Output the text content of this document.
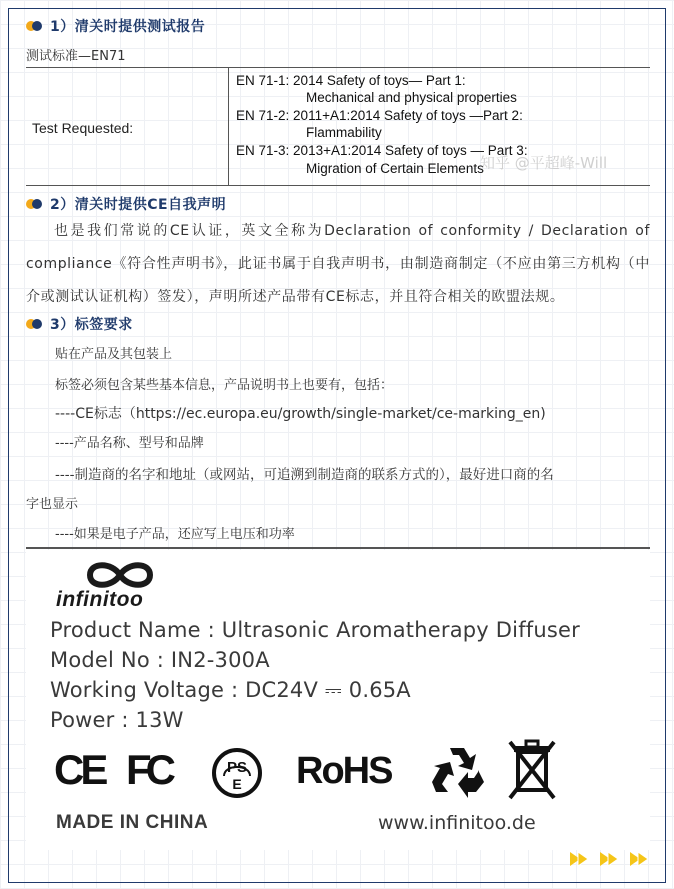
1）清关时提供测试报告
测试标准—EN71
Test Requested:
EN 71-1: 2014 Safety of toys— Part 1:
Mechanical and physical properties
EN 71-2: 2011+A1:2014 Safety of toys —Part 2:
Flammability
EN 71-3: 2013+A1:2014 Safety of toys — Part 3:
Migration of Certain Elements
知乎 @平超峰-Will
2）清关时提供CE自我声明
也是我们常说的CE认证，英文全称为Declaration of conformity / Declaration of compliance《符合性声明书》，此证书属于自我声明书，由制造商制定（不应由第三方机构（中介或测试认证机构）签发），声明所述产品带有CE标志，并且符合相关的欧盟法规。
3）标签要求
贴在产品及其包装上
标签必须包含某些基本信息，产品说明书上也要有，包括：
----CE标志（https://ec.europa.eu/growth/single-market/ce-marking_en)
----产品名称、型号和品牌
----制造商的名字和地址（或网站，可追溯到制造商的联系方式的），最好进口商的名
字也显示
----如果是电子产品，还应写上电压和功率
infinitoo
Product Name : Ultrasonic Aromatherapy Diffuser
Model No : IN2-300A
Working Voltage : DC24V ⎓ 0.65A
Power : 13W
CE FC	PS
E RoHS
MADE IN CHINA	www.infinitoo.de
